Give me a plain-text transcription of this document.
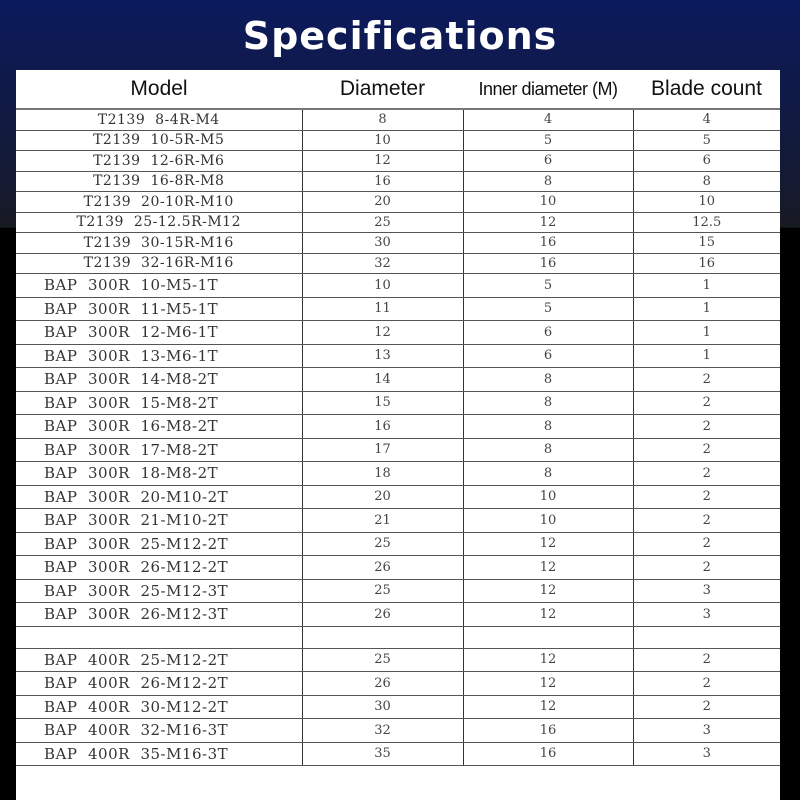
Specifications
Model	Diameter	Inner diameter (M)	Blade count
T2139  8-4R-M4	8	4	4
T2139  10-5R-M5	10	5	5
T2139  12-6R-M6	12	6	6
T2139  16-8R-M8	16	8	8
T2139  20-10R-M10	20	10	10
T2139  25-12.5R-M12	25	12	12.5
T2139  30-15R-M16	30	16	15
T2139  32-16R-M16	32	16	16
BAP  300R  10-M5-1T	10	5	1
BAP  300R  11-M5-1T	11	5	1
BAP  300R  12-M6-1T	12	6	1
BAP  300R  13-M6-1T	13	6	1
BAP  300R  14-M8-2T	14	8	2
BAP  300R  15-M8-2T	15	8	2
BAP  300R  16-M8-2T	16	8	2
BAP  300R  17-M8-2T	17	8	2
BAP  300R  18-M8-2T	18	8	2
BAP  300R  20-M10-2T	20	10	2
BAP  300R  21-M10-2T	21	10	2
BAP  300R  25-M12-2T	25	12	2
BAP  300R  26-M12-2T	26	12	2
BAP  300R  25-M12-3T	25	12	3
BAP  300R  26-M12-3T	26	12	3

BAP  400R  25-M12-2T	25	12	2
BAP  400R  26-M12-2T	26	12	2
BAP  400R  30-M12-2T	30	12	2
BAP  400R  32-M16-3T	32	16	3
BAP  400R  35-M16-3T	35	16	3
